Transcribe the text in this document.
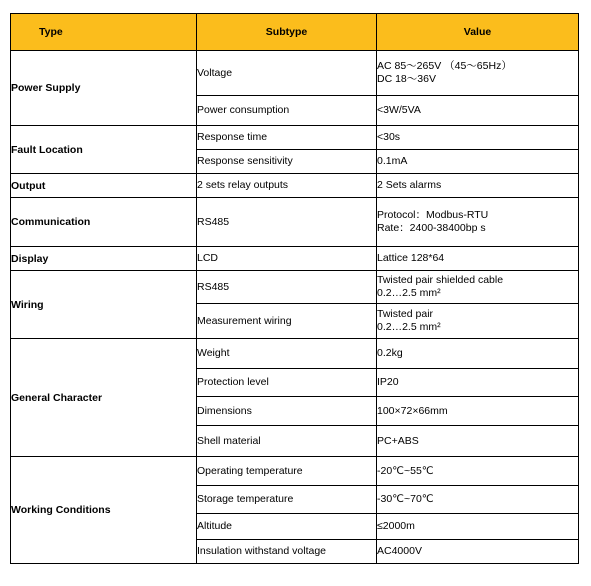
Type	Subtype	Value
Power Supply	Voltage	AC 85～265V （45～65Hz）
DC 18～36V

	Power consumption	<3W/5VA

Fault Location	Response time	<30s

	Response sensitivity	0.1mA

Output	2 sets relay outputs	2 Sets alarms

Communication	RS485	Protocol：Modbus-RTU
Rate：2400-38400bp s

Display	LCD	Lattice 128*64

Wiring	RS485	Twisted pair shielded cable
0.2…2.5 mm²

	Measurement wiring	Twisted pair
0.2…2.5 mm²

General Character	Weight	0.2kg

	Protection level	IP20

	Dimensions	100×72×66mm

	Shell material	PC+ABS

Working Conditions	Operating temperature	-20℃~55℃

	Storage temperature	-30℃~70℃

	Altitude	≤2000m

	Insulation withstand voltage	AC4000V
